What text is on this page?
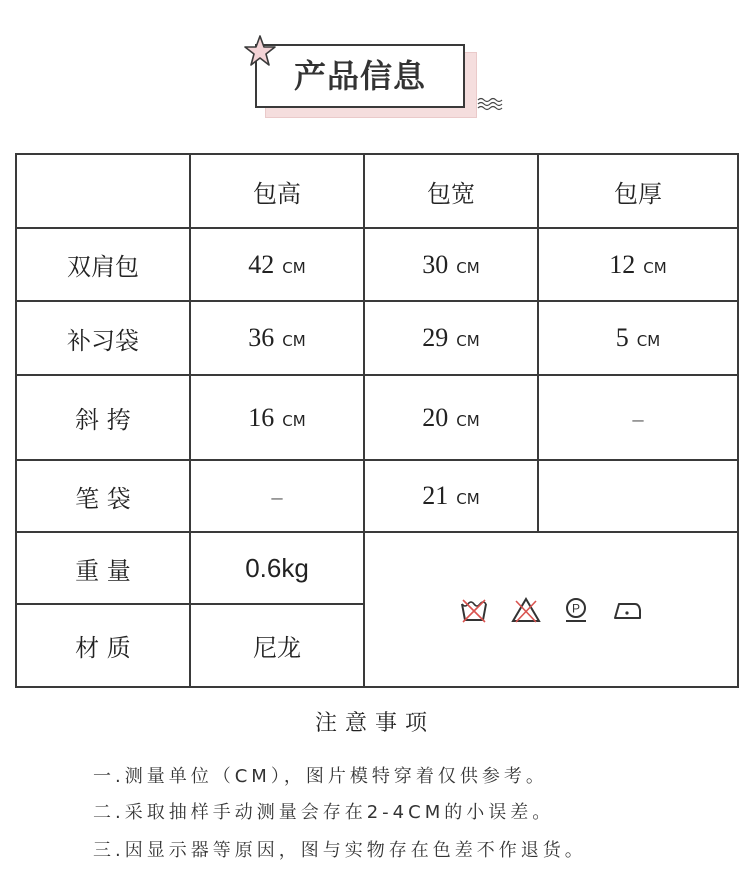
产品信息
	包高	包宽	包厚
双肩包	42 CM	30 CM	12 CM
补习袋	36 CM	29 CM	5 CM
斜 挎	16 CM	20 CM	–
笔 袋	–	21 CM	
重 量	0.6kg	P	

材 质	尼龙		
注意事项
一.测量单位（CM），图片模特穿着仅供参考。
二.采取抽样手动测量会存在2-4CM的小误差。
三.因显示器等原因，图与实物存在色差不作退货。
